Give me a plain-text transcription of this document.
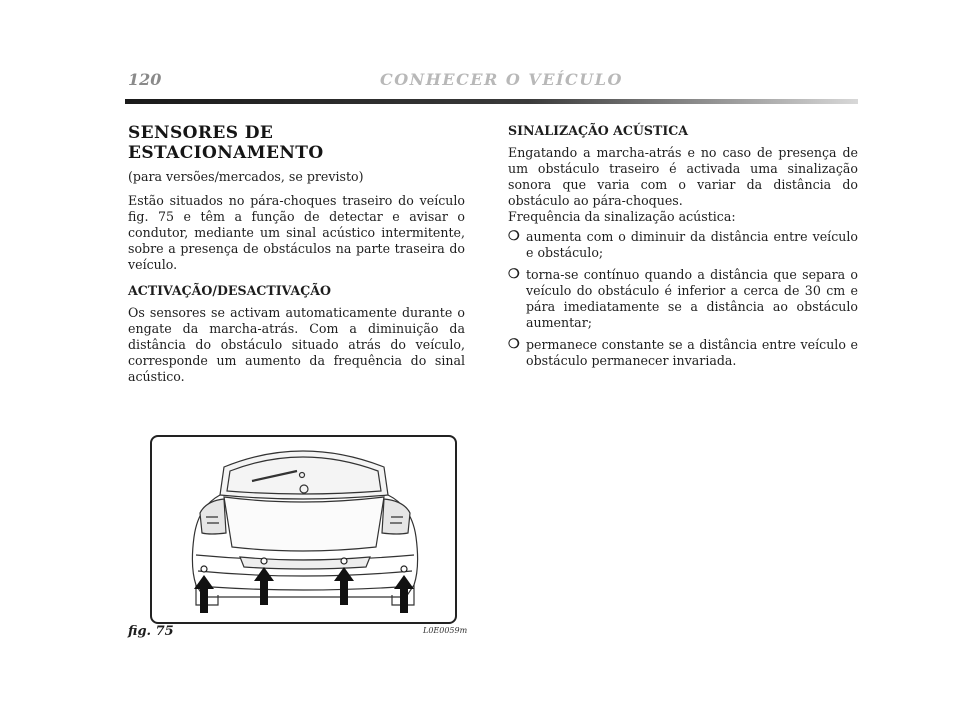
120	CONHECER O VEÍCULO
SENSORES DE ESTACIONAMENTO

(para versões/mercados, se previsto)

Estão situados no pára-choques traseiro do veículo fig. 75 e têm a função de detectar e avisar o condutor, mediante um sinal acústico intermitente, sobre a presença de obstáculos na parte traseira do veículo.

ACTIVAÇÃO/DESACTIVAÇÃO

Os sensores se activam automaticamente durante o engate da marcha-atrás. Com a diminuição da distância do obstáculo situado atrás do veículo, corresponde um aumento da frequência do sinal acústico.

SINALIZAÇÃO ACÚSTICA

Engatando a marcha-atrás e no caso de presença de um obstáculo traseiro é activada uma sinalização sonora que varia com o variar da distância do obstáculo ao pára-choques.

Frequência da sinalização acústica:

❍ aumenta com o diminuir da distância entre veículo e obstáculo;
❍ torna-se contínuo quando a distância que separa o veículo do obstáculo é inferior a cerca de 30 cm e pára imediatamente se a distância ao obstáculo aumentar;
❍ permanece constante se a distância entre veículo e obstáculo permanecer invariada.
fig. 75	L0E0059m
